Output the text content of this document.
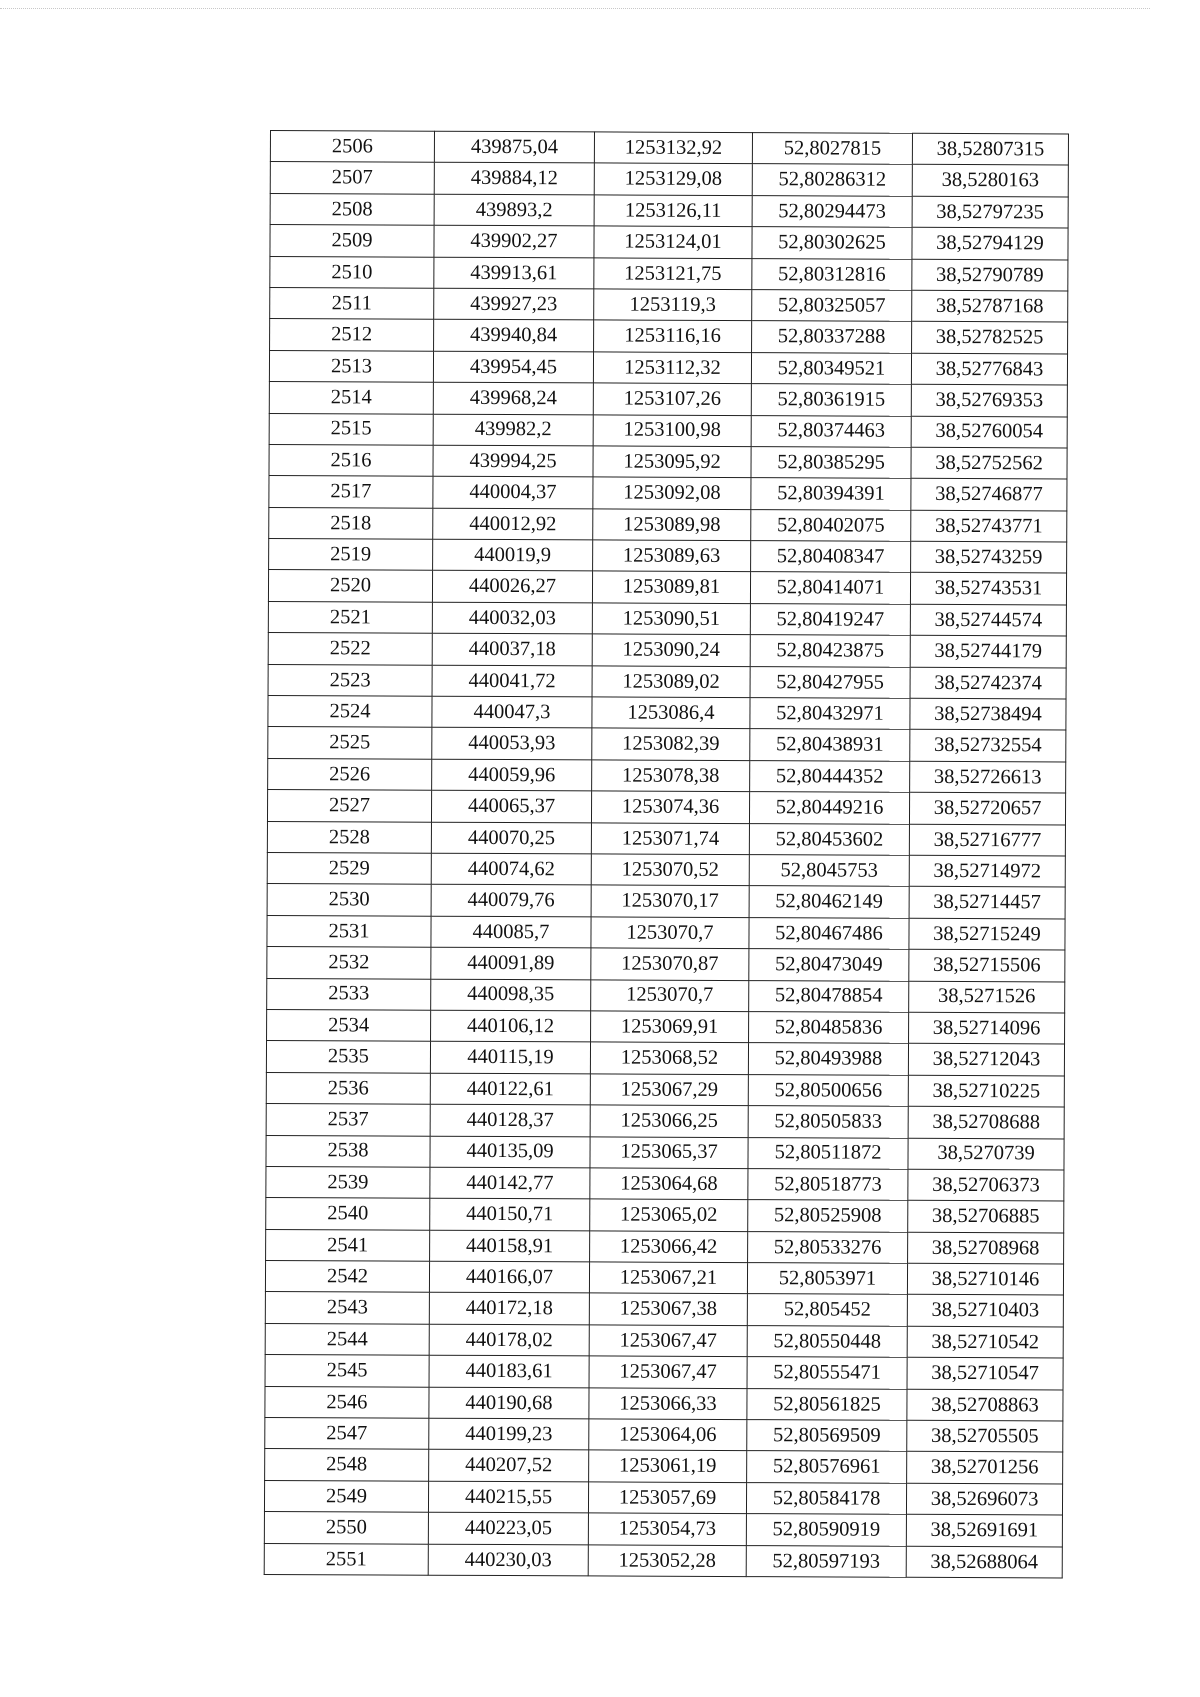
2506	439875,04	1253132,92	52,8027815	38,52807315
2507	439884,12	1253129,08	52,80286312	38,5280163
2508	439893,2	1253126,11	52,80294473	38,52797235
2509	439902,27	1253124,01	52,80302625	38,52794129
2510	439913,61	1253121,75	52,80312816	38,52790789
2511	439927,23	1253119,3	52,80325057	38,52787168
2512	439940,84	1253116,16	52,80337288	38,52782525
2513	439954,45	1253112,32	52,80349521	38,52776843
2514	439968,24	1253107,26	52,80361915	38,52769353
2515	439982,2	1253100,98	52,80374463	38,52760054
2516	439994,25	1253095,92	52,80385295	38,52752562
2517	440004,37	1253092,08	52,80394391	38,52746877
2518	440012,92	1253089,98	52,80402075	38,52743771
2519	440019,9	1253089,63	52,80408347	38,52743259
2520	440026,27	1253089,81	52,80414071	38,52743531
2521	440032,03	1253090,51	52,80419247	38,52744574
2522	440037,18	1253090,24	52,80423875	38,52744179
2523	440041,72	1253089,02	52,80427955	38,52742374
2524	440047,3	1253086,4	52,80432971	38,52738494
2525	440053,93	1253082,39	52,80438931	38,52732554
2526	440059,96	1253078,38	52,80444352	38,52726613
2527	440065,37	1253074,36	52,80449216	38,52720657
2528	440070,25	1253071,74	52,80453602	38,52716777
2529	440074,62	1253070,52	52,8045753	38,52714972
2530	440079,76	1253070,17	52,80462149	38,52714457
2531	440085,7	1253070,7	52,80467486	38,52715249
2532	440091,89	1253070,87	52,80473049	38,52715506
2533	440098,35	1253070,7	52,80478854	38,5271526
2534	440106,12	1253069,91	52,80485836	38,52714096
2535	440115,19	1253068,52	52,80493988	38,52712043
2536	440122,61	1253067,29	52,80500656	38,52710225
2537	440128,37	1253066,25	52,80505833	38,52708688
2538	440135,09	1253065,37	52,80511872	38,5270739
2539	440142,77	1253064,68	52,80518773	38,52706373
2540	440150,71	1253065,02	52,80525908	38,52706885
2541	440158,91	1253066,42	52,80533276	38,52708968
2542	440166,07	1253067,21	52,8053971	38,52710146
2543	440172,18	1253067,38	52,805452	38,52710403
2544	440178,02	1253067,47	52,80550448	38,52710542
2545	440183,61	1253067,47	52,80555471	38,52710547
2546	440190,68	1253066,33	52,80561825	38,52708863
2547	440199,23	1253064,06	52,80569509	38,52705505
2548	440207,52	1253061,19	52,80576961	38,52701256
2549	440215,55	1253057,69	52,80584178	38,52696073
2550	440223,05	1253054,73	52,80590919	38,52691691
2551	440230,03	1253052,28	52,80597193	38,52688064
